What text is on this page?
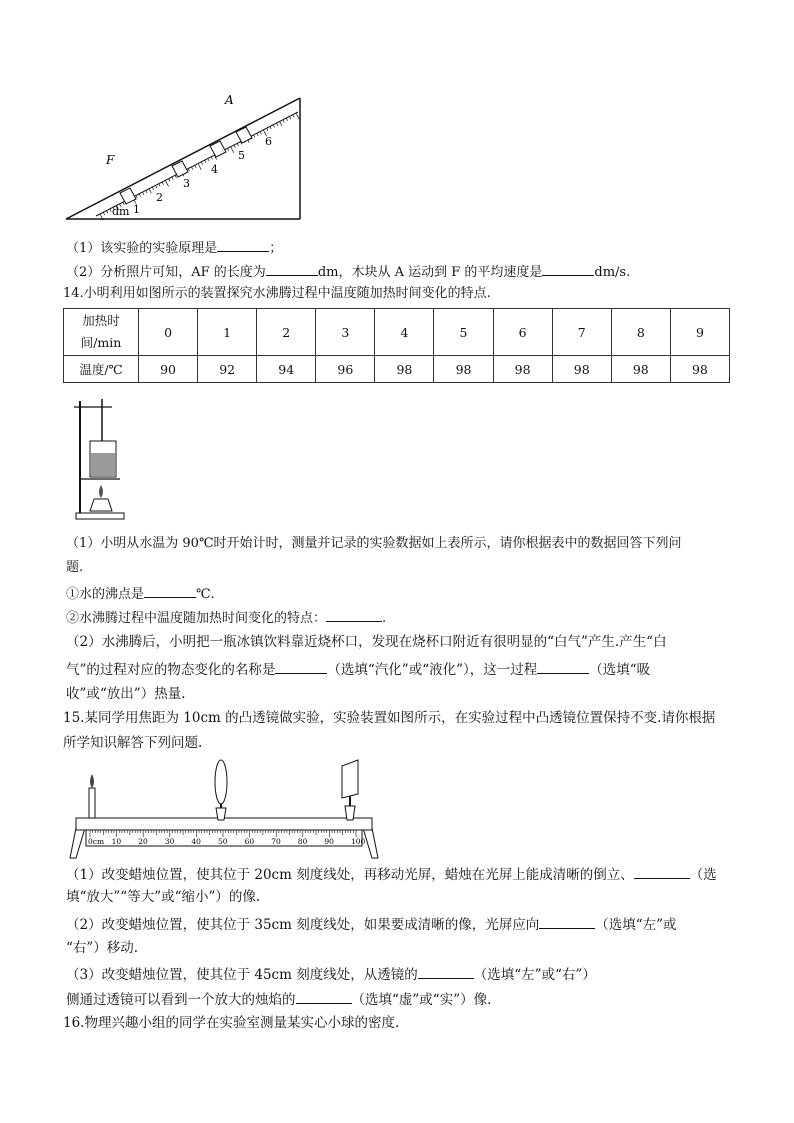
A
F
dm 1
2
3
4
5
6
（1）该实验的实验原理是	；
（2）分析照片可知，AF 的长度为	dm，木块从 A 运动到 F 的平均速度是	dm/s.
14.小明利用如图所示的装置探究水沸腾过程中温度随加热时间变化的特点.
加热时
间/min	0	1	2	3	4	5	6	7	8	9
温度/℃	90	92	94	96	98	98	98	98	98	98
（1）小明从水温为 90℃时开始计时，测量并记录的实验数据如上表所示，请你根据表中的数据回答下列问
题.
①水的沸点是	℃.
②水沸腾过程中温度随加热时间变化的特点：	.
（2）水沸腾后，小明把一瓶冰镇饮料靠近烧杯口，发现在烧杯口附近有很明显的“白气”产生.产生“白
气”的过程对应的物态变化的名称是	（选填“汽化”或“液化”），这一过程	（选填“吸
收”或“放出”）热量.
15.某同学用焦距为 10cm 的凸透镜做实验，实验装置如图所示，在实验过程中凸透镜位置保持不变.请你根据
所学知识解答下列问题.
0cm 10 20 30 40 50 60 70 80 90 100
（1）改变蜡烛位置，使其位于 20cm 刻度线处，再移动光屏，蜡烛在光屏上能成清晰的倒立、	（选
填“放大”“等大”或“缩小”）的像.
（2）改变蜡烛位置，使其位于 35cm 刻度线处，如果要成清晰的像，光屏应向	（选填“左”或
“右”）移动.
（3）改变蜡烛位置，使其位于 45cm 刻度线处，从透镜的	（选填“左”或“右”）
侧通过透镜可以看到一个放大的烛焰的	（选填“虚”或“实”）像.
16.物理兴趣小组的同学在实验室测量某实心小球的密度.
